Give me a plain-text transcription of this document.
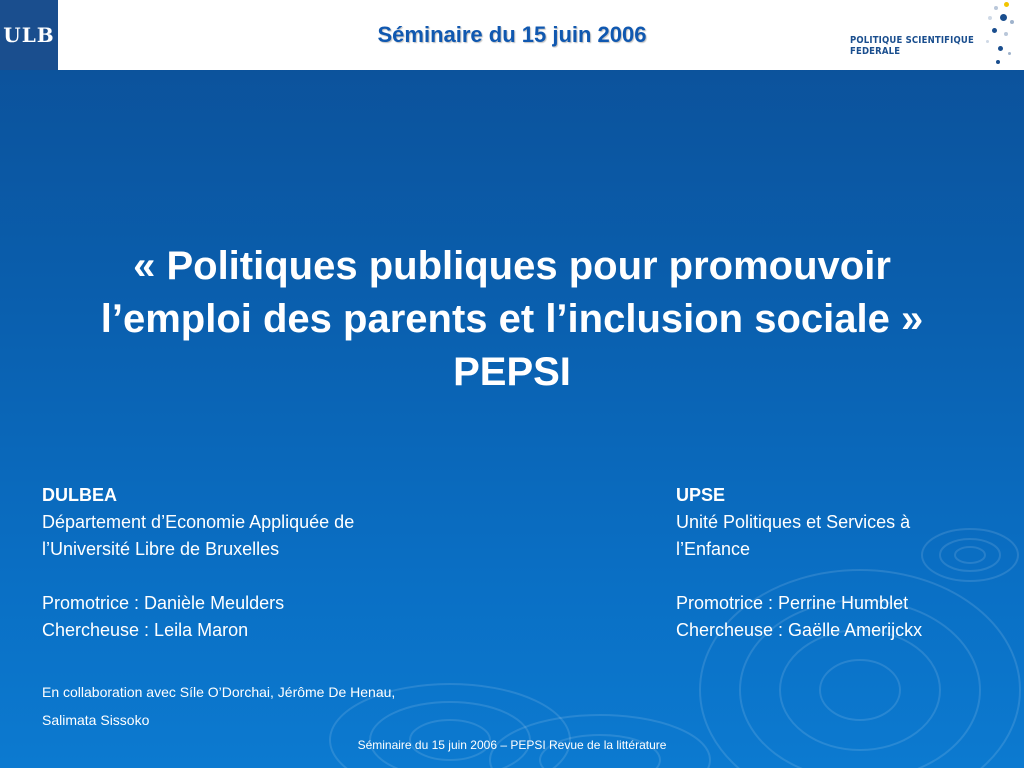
ULB	Séminaire du 15 juin 2006	POLITIQUE SCIENTIFIQUE FEDERALE
« Politiques publiques pour promouvoir
l’emploi des parents et l’inclusion sociale »
PEPSI
DULBEA
Département d’Economie Appliquée de
l’Université Libre de Bruxelles
Promotrice : Danièle Meulders
Chercheuse : Leila Maron
UPSE
Unité Politiques et Services à
l’Enfance
Promotrice : Perrine Humblet
Chercheuse : Gaëlle Amerijckx
En collaboration avec Síle O’Dorchai, Jérôme De Henau,
Salimata Sissoko
Séminaire du 15 juin 2006 – PEPSI Revue de la littérature
